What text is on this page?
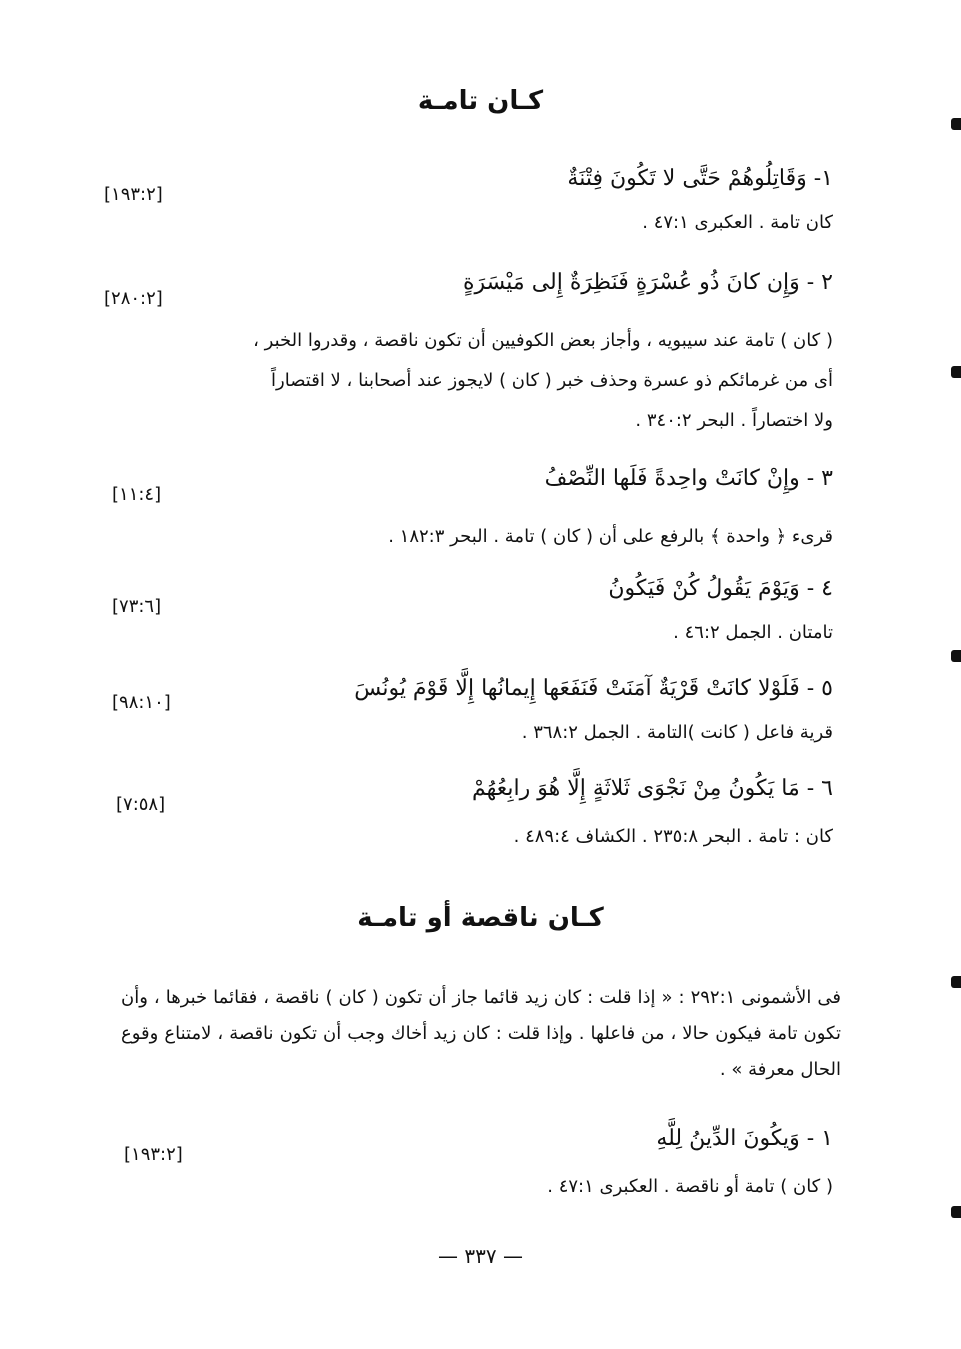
كـان تامـة
١- وَقَاتِلُوهُمْ حَتَّى لا تَكُونَ فِتْنَةٌ
[١٩٣:٢]
كان تامة . العكبرى ٤٧:١ .
٢ - وَإِن كانَ ذُو عُسْرَةٍ فَنَظِرَةٌ إِلى مَيْسَرَةٍ
[٢٨٠:٢]
( كان ) تامة عند سيبويه ، وأجاز بعض الكوفيين أن تكون ناقصة ، وقدروا الخبر ،
أى من غرمائكم ذو عسرة وحذف خبر ( كان ) لايجوز عند أصحابنا ، لا اقتصاراً
ولا اختصاراً . البحر ٣٤٠:٢ .
٣ - وإِنْ كانَتْ واحِدةً فَلَها النِّصْفُ
[١١:٤]
قرىء ﴿ واحدة ﴾ بالرفع على أن ( كان ) تامة . البحر ١٨٢:٣ .
٤ - وَيَوْمَ يَقُولُ كُنْ فَيَكُونُ
[٧٣:٦]
تامتان . الجمل ٤٦:٢ .
٥ - فَلَوْلا كانَتْ قَرْيَةٌ آمَنَتْ فَنَفَعَها إِيمانُها إِلَّا قَوْمَ يُونُسَ
[٩٨:١٠]
قرية فاعل ( كانت )التامة . الجمل ٣٦٨:٢ .
٦ - مَا يَكُونُ مِنْ نَجْوَى ثَلاثَةٍ إِلَّا هُوَ رابِعُهُمْ
[٧:٥٨]
كان : تامة . البحر ٢٣٥:٨ . الكشاف ٤٨٩:٤ .
كـان ناقصة أو تامـة
فى الأشمونى ٢٩٢:١ : « إذا قلت : كان زيد قائما جاز أن تكون ( كان ) ناقصة ، فقائما خبرها ، وأن تكون تامة فيكون حالا ، من فاعلها . وإذا قلت : كان زيد أخاك وجب أن تكون ناقصة ، لامتناع وقوع الحال معرفة » .
١ - وَيكُونَ الدِّينُ لِلَّهِ
[١٩٣:٢]
( كان ) تامة أو ناقصة . العكبرى ٤٧:١ .
— ٣٣٧ —
